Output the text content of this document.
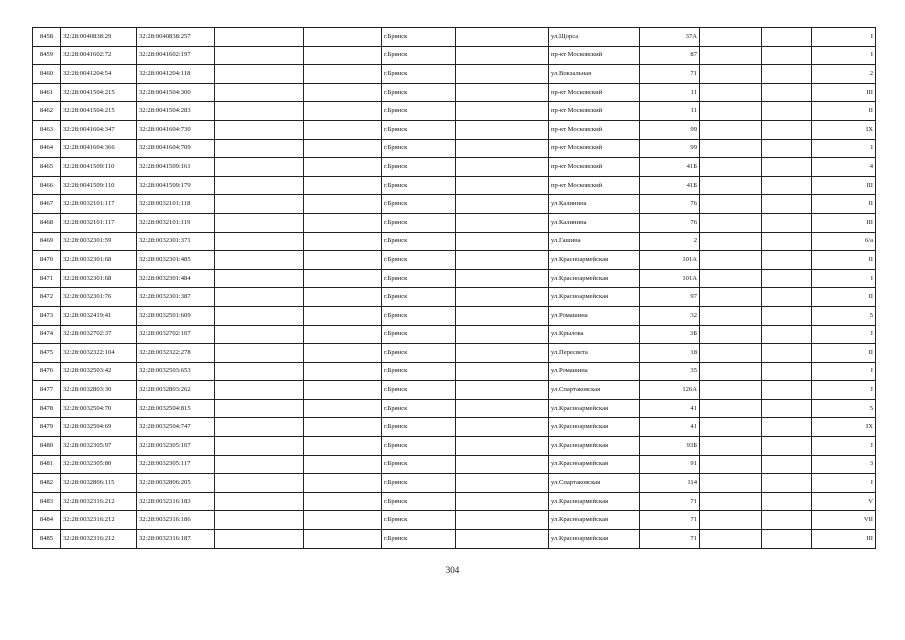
8458	32:28:0040838:29	32:28:0040838:257			г.Брянск		ул.Щорса	37А			I
8459	32:28:0041602:72	32:28:0041602:197			г.Брянск		пр-кт Московский	87			I
8460	32:28:0041204:54	32:28:0041204:118			г.Брянск		ул.Вокзальная	71			2
8461	32:28:0041504:215	32:28:0041504:300			г.Брянск		пр-кт Московский	11			III
8462	32:28:0041504:215	32:28:0041504:283			г.Брянск		пр-кт Московский	11			II
8463	32:28:0041604:347	32:28:0041604:730			г.Брянск		пр-кт Московский	99			IX
8464	32:28:0041604:366	32:28:0041604:709			г.Брянск		пр-кт Московский	99			I
8465	32:28:0041509:110	32:28:0041509:161			г.Брянск		пр-кт Московский	41Б			4
8466	32:28:0041509:110	32:28:0041509:179			г.Брянск		пр-кт Московский	41Б			III
8467	32:28:0032101:117	32:28:0032101:118			г.Брянск		ул.Калинина	76			II
8468	32:28:0032101:117	32:28:0032101:119			г.Брянск		ул.Калинина	76			III
8469	32:28:0032301:59	32:28:0032301:371			г.Брянск		ул.Гашина	2			6/а
8470	32:28:0032301:68	32:28:0032301:485			г.Брянск		ул.Красноармейская	101А			II
8471	32:28:0032301:68	32:28:0032301:484			г.Брянск		ул.Красноармейская	101А			I
8472	32:28:0032301:76	32:28:0032301:387			г.Брянск		ул.Красноармейская	97			II
8473	32:28:0032419:41	32:28:0032501:609			г.Брянск		ул.Ромашина	32			5
8474	32:28:0032702:37	32:28:0032702:107			г.Брянск		ул.Крылова	3Б			I
8475	32:28:0032322:104	32:28:0032322:278			г.Брянск		ул.Пересвета	18			II
8476	32:28:0032503:42	32:28:0032503:653			г.Брянск		ул.Ромашина	35			I
8477	32:28:0032803:30	32:28:0032803:262			г.Брянск		ул.Спартаковская	126А			I
8478	32:28:0032504:70	32:28:0032504:815			г.Брянск		ул.Красноармейская	41			5
8479	32:28:0032504:69	32:28:0032504:747			г.Брянск		ул.Красноармейская	41			IX
8480	32:28:0032305:97	32:28:0032305:107			г.Брянск		ул.Красноармейская	93Б			I
8481	32:28:0032305:80	32:28:0032305:117			г.Брянск		ул.Красноармейская	91			3
8482	32:28:0032806:115	32:28:0032806:205			г.Брянск		ул.Спартаковская	114			I
8483	32:28:0032316:212	32:28:0032316:183			г.Брянск		ул.Красноармейская	71			V
8484	32:28:0032316:212	32:28:0032316:186			г.Брянск		ул.Красноармейская	71			VII
8485	32:28:0032316:212	32:28:0032316:187			г.Брянск		ул.Красноармейская	71			III
304
